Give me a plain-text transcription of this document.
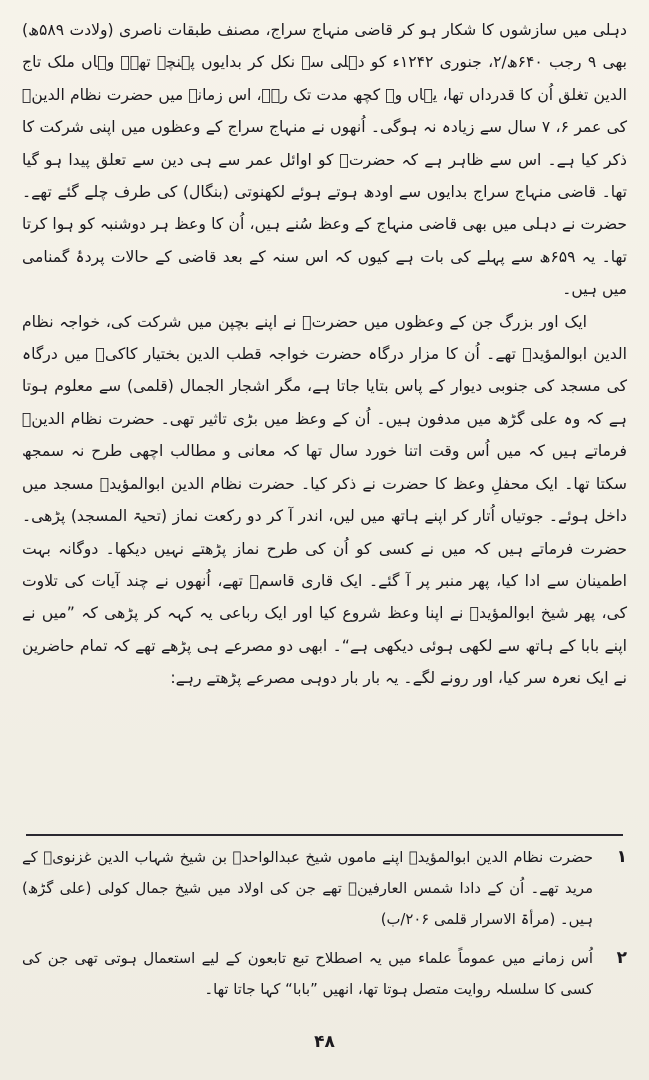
دہلی میں سازشوں کا شکار ہو کر قاضی منہاج سراج، مصنف طبقات ناصری (ولادت ۵۸۹ھ) بھی ۹ رجب ۶۴۰ھ/۲، جنوری ۱۲۴۲ء کو دہلی سے نکل کر بدایوں پہنچے تھے۔ وہاں ملک تاج الدین تغلق اُن کا قدرداں تھا، یہاں وہ کچھ مدت تک رہے، اس زمانے میں حضرت نظام الدینؒ کی عمر ۶، ۷ سال سے زیادہ نہ ہوگی۔ اُنھوں نے منہاج سراج کے وعظوں میں اپنی شرکت کا ذکر کیا ہے۔ اس سے ظاہر ہے کہ حضرتؒ کو اوائل عمر سے ہی دین سے تعلق پیدا ہو گیا تھا۔ قاضی منہاج سراج بدایوں سے اودھ ہوتے ہوئے لکھنوتی (بنگال) کی طرف چلے گئے تھے۔ حضرت نے دہلی میں بھی قاضی منہاج کے وعظ سُنے ہیں، اُن کا وعظ ہر دوشنبہ کو ہوا کرتا تھا۔ یہ ۶۵۹ھ سے پہلے کی بات ہے کیوں کہ اس سنہ کے بعد قاضی کے حالات پردۂ گمنامی میں ہیں۔

ایک اور بزرگ جن کے وعظوں میں حضرتؒ نے اپنے بچپن میں شرکت کی، خواجہ نظام الدین ابوالمؤیدؒ تھے۔ اُن کا مزار درگاہ حضرت خواجہ قطب الدین بختیار کاکیؒ میں درگاہ کی مسجد کی جنوبی دیوار کے پاس بتایا جاتا ہے، مگر اشجار الجمال (قلمی) سے معلوم ہوتا ہے کہ وہ علی گڑھ میں مدفون ہیں۔ اُن کے وعظ میں بڑی تاثیر تھی۔ حضرت نظام الدینؒ فرماتے ہیں کہ میں اُس وقت اتنا خورد سال تھا کہ معانی و مطالب اچھی طرح نہ سمجھ سکتا تھا۔ ایک محفلِ وعظ کا حضرت نے ذکر کیا۔ حضرت نظام الدین ابوالمؤیدؒ مسجد میں داخل ہوئے۔ جوتیاں اُتار کر اپنے ہاتھ میں لیں، اندر آ کر دو رکعت نماز (تحیۃ المسجد) پڑھی۔ حضرت فرماتے ہیں کہ میں نے کسی کو اُن کی طرح نماز پڑھتے نہیں دیکھا۔ دوگانہ بہت اطمینان سے ادا کیا، پھر منبر پر آ گئے۔ ایک قاری قاسمؒ تھے، اُنھوں نے چند آیات کی تلاوت کی، پھر شیخ ابوالمؤیدؒ نے اپنا وعظ شروع کیا اور ایک رباعی یہ کہہ کر پڑھی کہ ”میں نے اپنے بابا کے ہاتھ سے لکھی ہوئی دیکھی ہے“۔ ابھی دو مصرعے ہی پڑھے تھے کہ تمام حاضرین نے ایک نعرہ سر کیا، اور رونے لگے۔ یہ بار بار دوہی مصرعے پڑھتے رہے:

۱
حضرت نظام الدین ابوالمؤیدؒ اپنے ماموں شیخ عبدالواحدؒ بن شیخ شہاب الدین غزنویؒ کے مرید تھے۔ اُن کے دادا شمس العارفینؒ تھے جن کی اولاد میں شیخ جمال کولی (علی گڑھ) ہیں۔ (مرأۃ الاسرار قلمی ۲۰۶/ب)
۲
اُس زمانے میں عموماً علماء میں یہ اصطلاح تبع تابعون کے لیے استعمال ہوتی تھی جن کی کسی کا سلسلہ روایت متصل ہوتا تھا، انھیں ”بابا“ کہا جاتا تھا۔
۴۸
